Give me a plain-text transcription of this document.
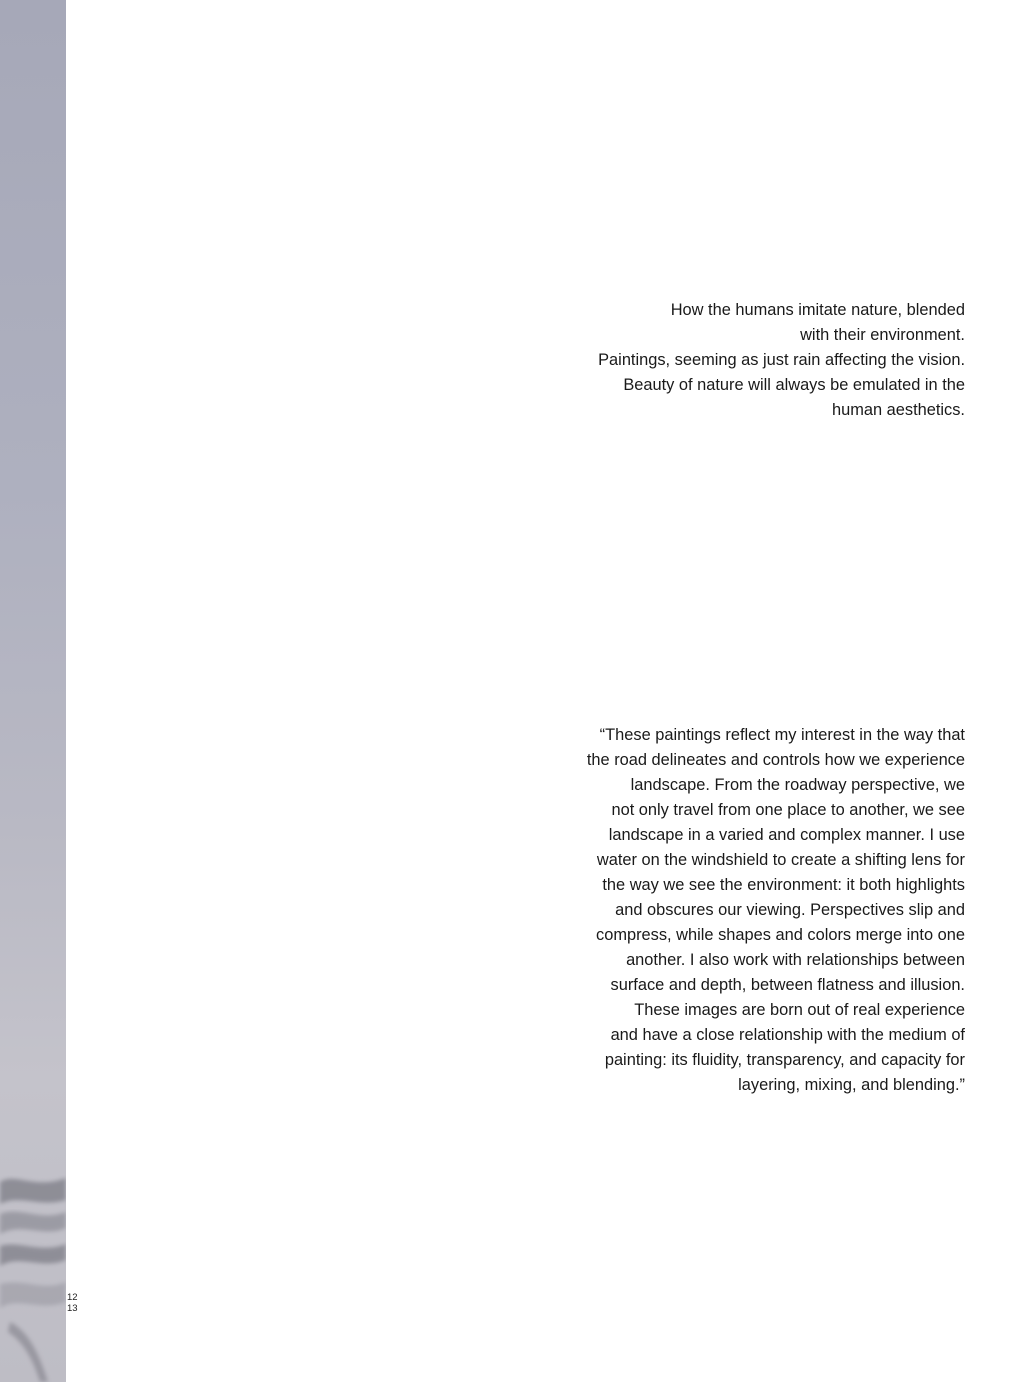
How the humans imitate nature, blended
with their environment.
Paintings, seeming as just rain affecting the vision.
Beauty of nature will always be emulated in the
human aesthetics.
“These paintings reflect my interest in the way that
the road delineates and controls how we experience
landscape. From the roadway perspective, we
not only travel from one place to another, we see
landscape in a varied and complex manner. I use
water on the windshield to create a shifting lens for
the way we see the environment: it both highlights
and obscures our viewing. Perspectives slip and
compress, while shapes and colors merge into one
another. I also work with relationships between
surface and depth, between flatness and illusion.
These images are born out of real experience
and have a close relationship with the medium of
painting: its fluidity, transparency, and capacity for
layering, mixing, and blending.”
12
13
